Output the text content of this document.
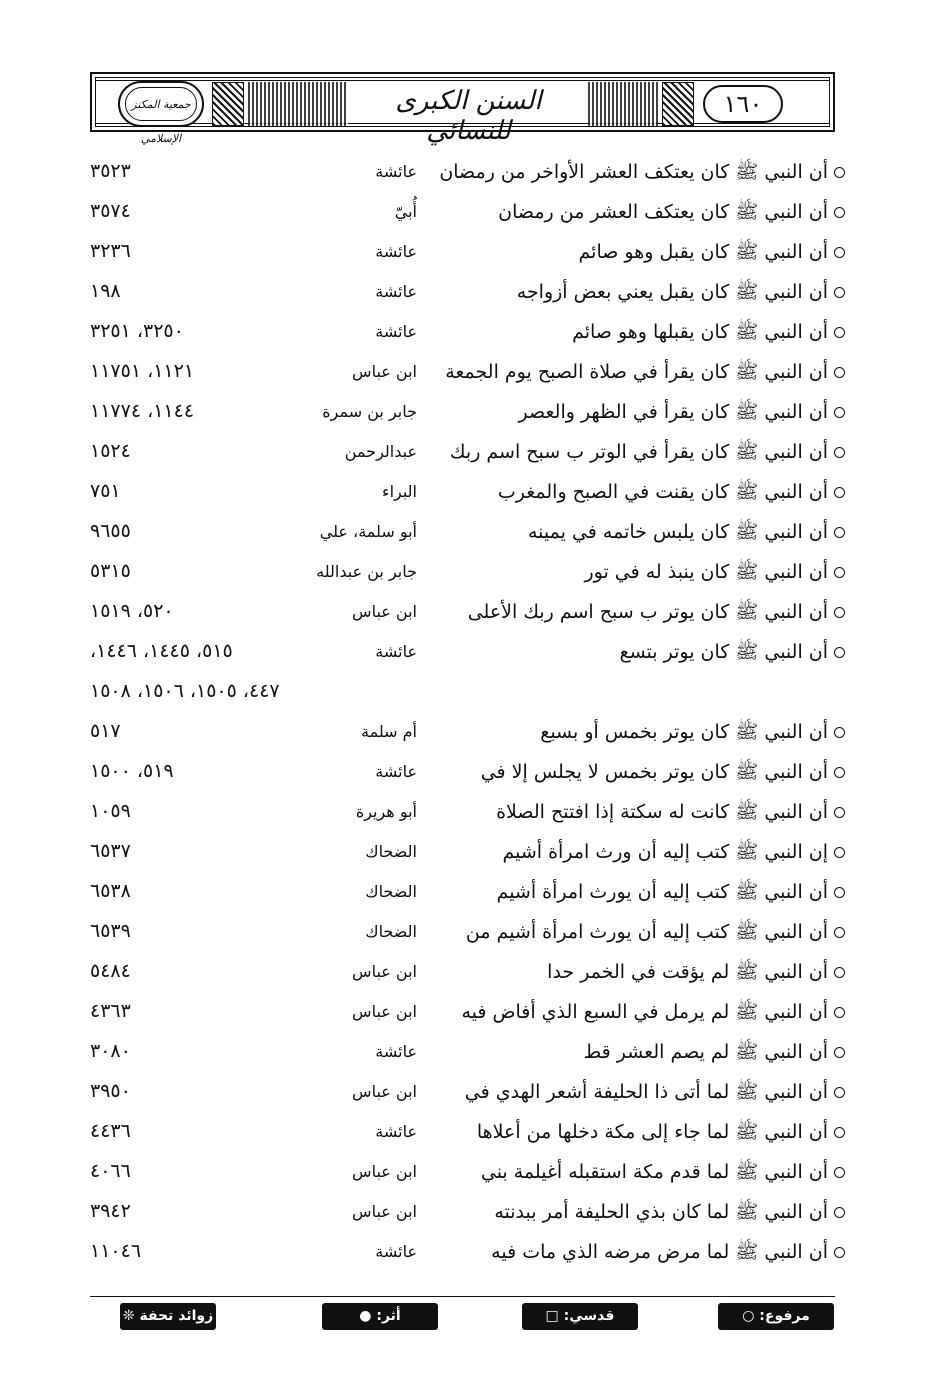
جمعية المكنز الإسلامي
السنن الكبرى للنسائي
١٦٠
أن النبي ﷺ كان يعتكف العشر الأواخر من رمضان
عائشة
٣٥٢٣
أن النبي ﷺ كان يعتكف العشر من رمضان
أُبيّ
٣٥٧٤
أن النبي ﷺ كان يقبل وهو صائم
عائشة
٣٢٣٦
أن النبي ﷺ كان يقبل يعني بعض أزواجه
عائشة
١٩٨
أن النبي ﷺ كان يقبلها وهو صائم
عائشة
٣٢٥٠، ٣٢٥١
أن النبي ﷺ كان يقرأ في صلاة الصبح يوم الجمعة
ابن عباس
١١٢١، ١١٧٥١
أن النبي ﷺ كان يقرأ في الظهر والعصر
جابر بن سمرة
١١٤٤، ١١٧٧٤
أن النبي ﷺ كان يقرأ في الوتر ب سبح اسم ربك
عبدالرحمن
١٥٢٤
أن النبي ﷺ كان يقنت في الصبح والمغرب
البراء
٧٥١
أن النبي ﷺ كان يلبس خاتمه في يمينه
أبو سلمة، علي
٩٦٥٥
أن النبي ﷺ كان ينبذ له في تور
جابر بن عبدالله
٥٣١٥
أن النبي ﷺ كان يوتر ب سبح اسم ربك الأعلى
ابن عباس
٥٢٠، ١٥١٩
أن النبي ﷺ كان يوتر بتسع
عائشة
٥١٥، ١٤٤٥، ١٤٤٦،
٤٤٧، ١٥٠٥، ١٥٠٦، ١٥٠٨
أن النبي ﷺ كان يوتر بخمس أو بسبع
أم سلمة
٥١٧
أن النبي ﷺ كان يوتر بخمس لا يجلس إلا في
عائشة
٥١٩، ١٥٠٠
أن النبي ﷺ كانت له سكتة إذا افتتح الصلاة
أبو هريرة
١٠٥٩
إن النبي ﷺ كتب إليه أن ورث امرأة أشيم
الضحاك
٦٥٣٧
أن النبي ﷺ كتب إليه أن يورث امرأة أشيم
الضحاك
٦٥٣٨
أن النبي ﷺ كتب إليه أن يورث امرأة أشيم من
الضحاك
٦٥٣٩
أن النبي ﷺ لم يؤقت في الخمر حدا
ابن عباس
٥٤٨٤
أن النبي ﷺ لم يرمل في السبع الذي أفاض فيه
ابن عباس
٤٣٦٣
أن النبي ﷺ لم يصم العشر قط
عائشة
٣٠٨٠
أن النبي ﷺ لما أتى ذا الحليفة أشعر الهدي في
ابن عباس
٣٩٥٠
أن النبي ﷺ لما جاء إلى مكة دخلها من أعلاها
عائشة
٤٤٣٦
أن النبي ﷺ لما قدم مكة استقبله أغيلمة بني
ابن عباس
٤٠٦٦
أن النبي ﷺ لما كان بذي الحليفة أمر ببدنته
ابن عباس
٣٩٤٢
أن النبي ﷺ لما مرض مرضه الذي مات فيه
عائشة
١١٠٤٦
مرفوع: ○
قدسي: □
أثر: ●
زوائد تحفة ❊
